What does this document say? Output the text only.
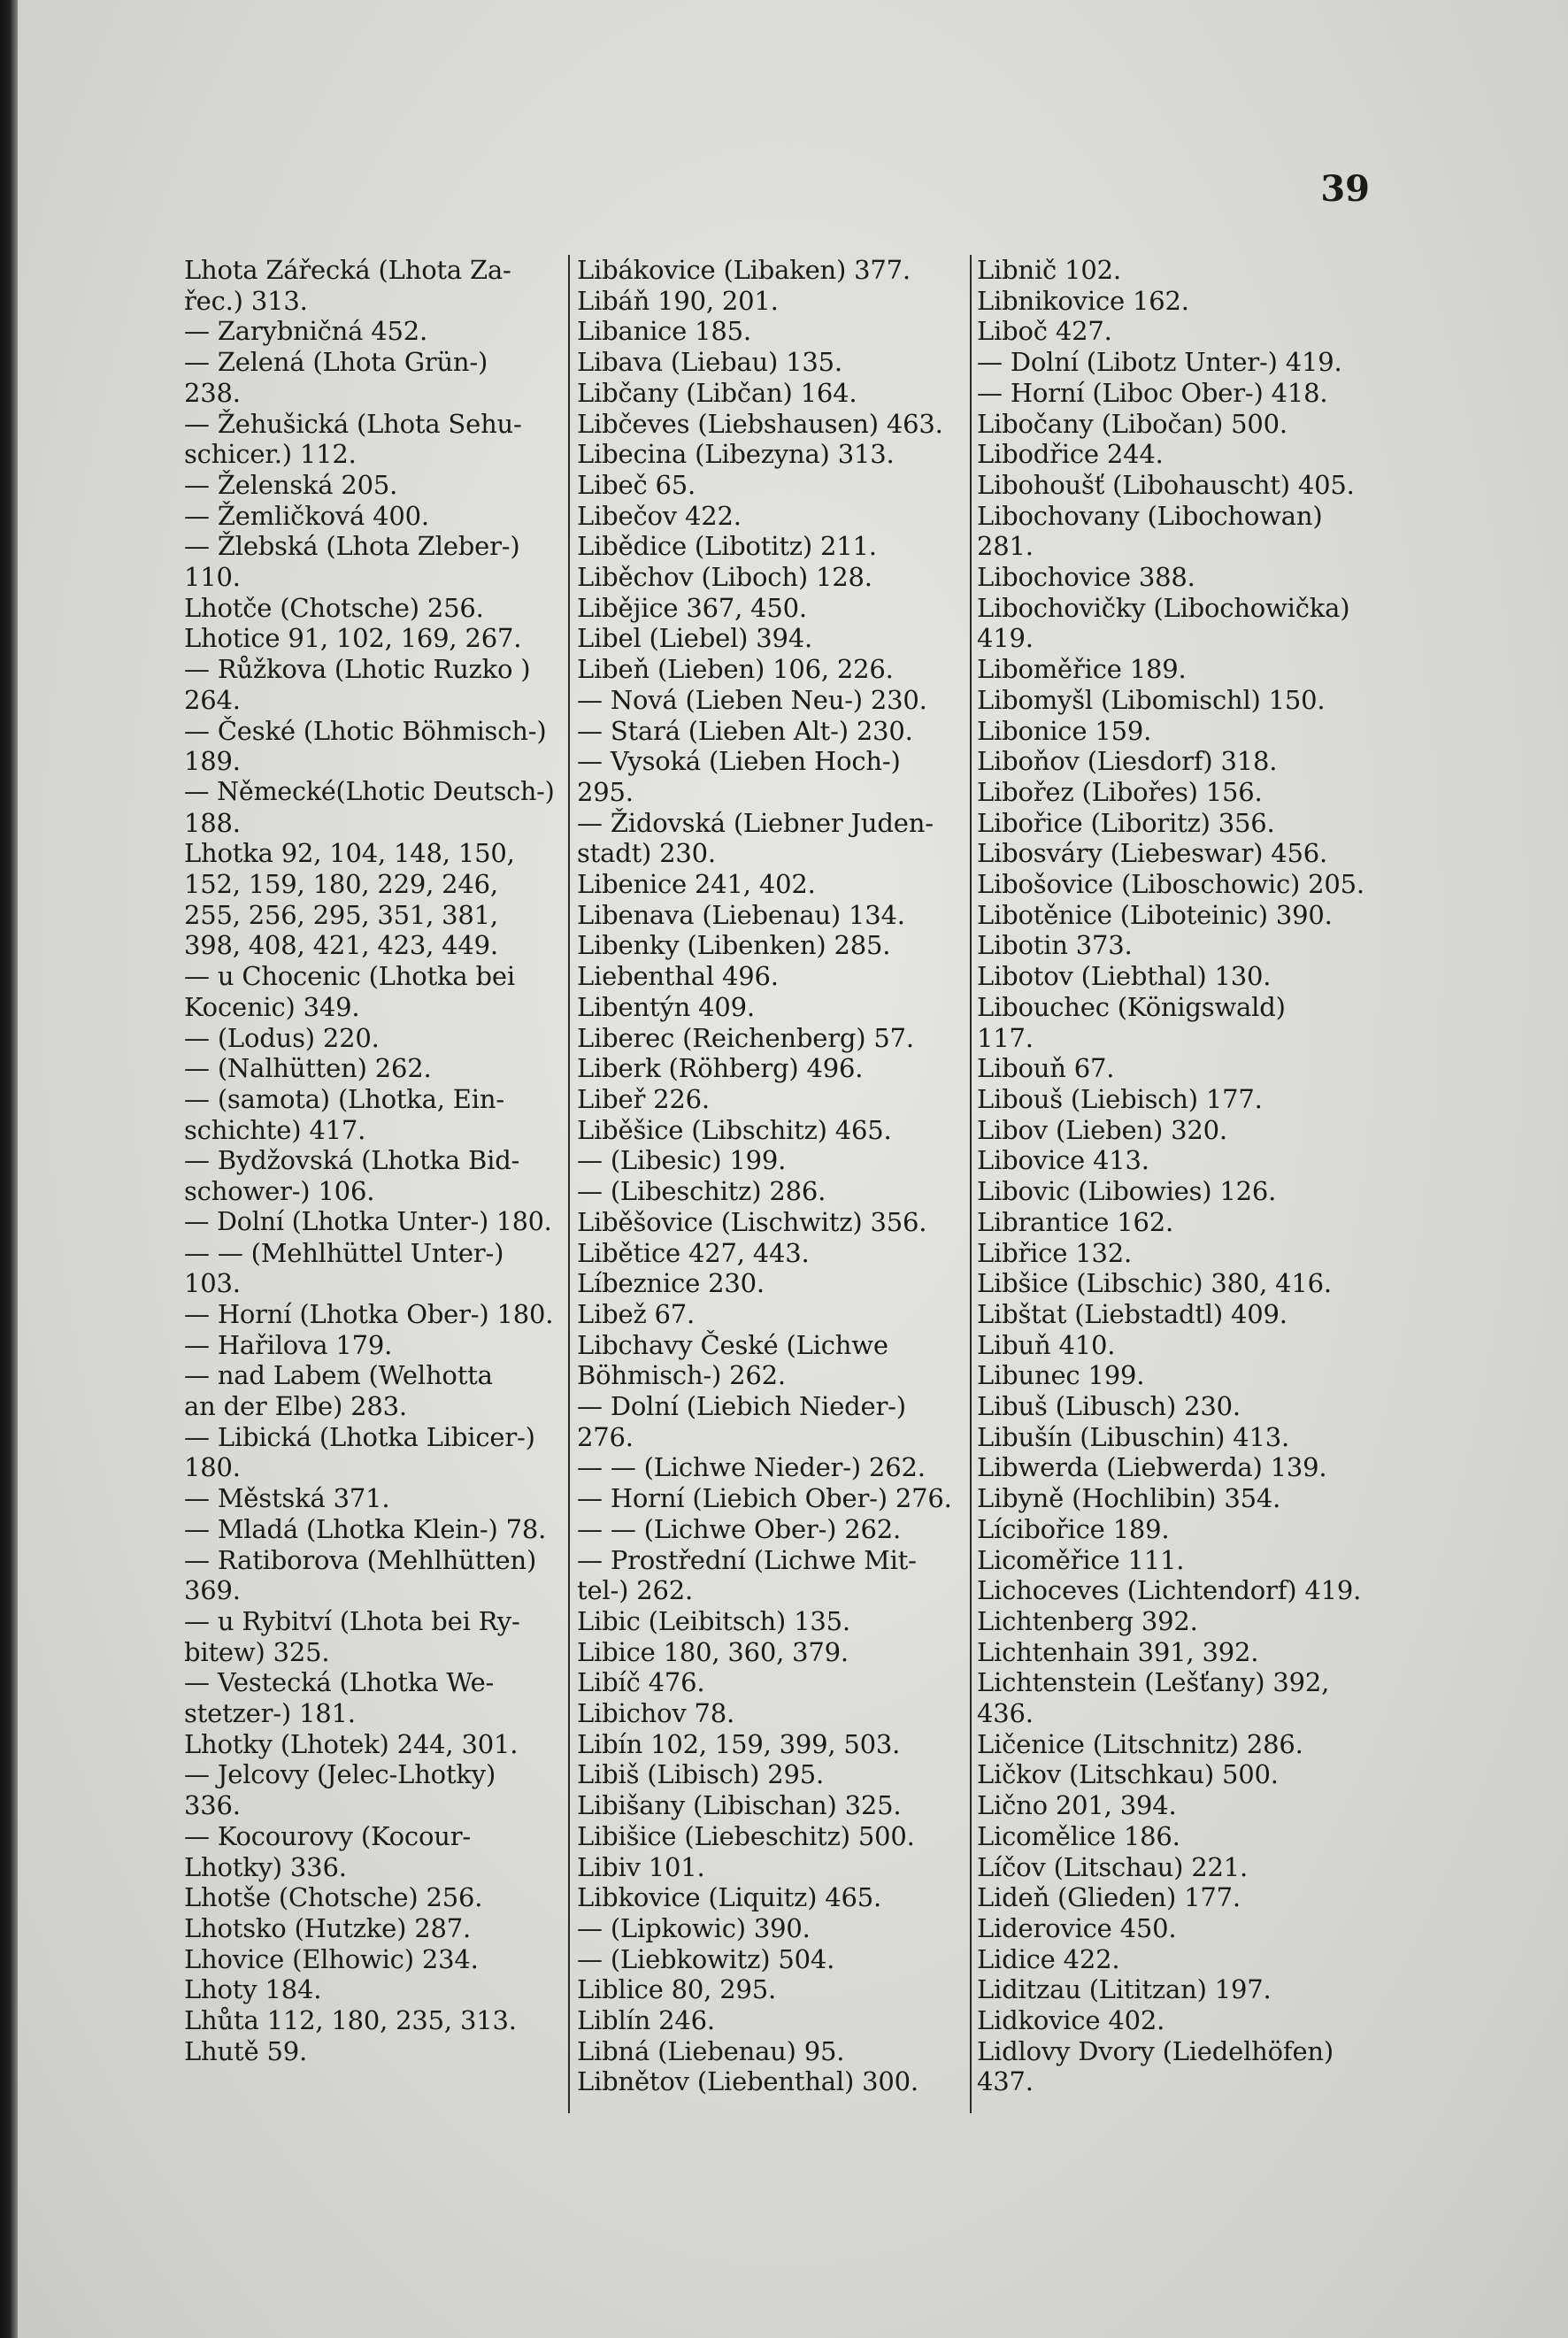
39
Lhota Zářecká (Lhota Za-
řec.) 313.
— Zarybničná 452.
— Zelená (Lhota Grün-)
238.
— Žehušická (Lhota Sehu-
schicer.) 112.
— Želenská 205.
— Žemličková 400.
— Žlebská (Lhota Zleber-)
110.
Lhotče (Chotsche) 256.
Lhotice 91, 102, 169, 267.
— Růžkova (Lhotic Ruzko )
264.
— České (Lhotic Böhmisch-)
189.
— Německé(Lhotic Deutsch-)
188.
Lhotka 92, 104, 148, 150,
152, 159, 180, 229, 246,
255, 256, 295, 351, 381,
398, 408, 421, 423, 449.
— u Chocenic (Lhotka bei
Kocenic) 349.
— (Lodus) 220.
— (Nalhütten) 262.
— (samota) (Lhotka, Ein-
schichte) 417.
— Bydžovská (Lhotka Bid-
schower-) 106.
— Dolní (Lhotka Unter-) 180.
— — (Mehlhüttel Unter-)
103.
— Horní (Lhotka Ober-) 180.
— Hařilova 179.
— nad Labem (Welhotta
an der Elbe) 283.
— Libická (Lhotka Libicer-)
180.
— Městská 371.
— Mladá (Lhotka Klein-) 78.
— Ratiborova (Mehlhütten)
369.
— u Rybitví (Lhota bei Ry-
bitew) 325.
— Vestecká (Lhotka We-
stetzer-) 181.
Lhotky (Lhotek) 244, 301.
— Jelcovy (Jelec-Lhotky)
336.
— Kocourovy (Kocour-
Lhotky) 336.
Lhotše (Chotsche) 256.
Lhotsko (Hutzke) 287.
Lhovice (Elhowic) 234.
Lhoty 184.
Lhůta 112, 180, 235, 313.
Lhutě 59.
Libákovice (Libaken) 377.
Libáň 190, 201.
Libanice 185.
Libava (Liebau) 135.
Libčany (Libčan) 164.
Libčeves (Liebshausen) 463.
Libecina (Libezyna) 313.
Libeč 65.
Libečov 422.
Libědice (Libotitz) 211.
Liběchov (Liboch) 128.
Libějice 367, 450.
Libel (Liebel) 394.
Libeň (Lieben) 106, 226.
— Nová (Lieben Neu-) 230.
— Stará (Lieben Alt-) 230.
— Vysoká (Lieben Hoch-)
295.
— Židovská (Liebner Juden-
stadt) 230.
Libenice 241, 402.
Libenava (Liebenau) 134.
Libenky (Libenken) 285.
Liebenthal 496.
Libentýn 409.
Liberec (Reichenberg) 57.
Liberk (Röhberg) 496.
Libeř 226.
Liběšice (Libschitz) 465.
— (Libesic) 199.
— (Libeschitz) 286.
Liběšovice (Lischwitz) 356.
Libětice 427, 443.
Líbeznice 230.
Libež 67.
Libchavy České (Lichwe
Böhmisch-) 262.
— Dolní (Liebich Nieder-)
276.
— — (Lichwe Nieder-) 262.
— Horní (Liebich Ober-) 276.
— — (Lichwe Ober-) 262.
— Prostřední (Lichwe Mit-
tel-) 262.
Libic (Leibitsch) 135.
Libice 180, 360, 379.
Libíč 476.
Libichov 78.
Libín 102, 159, 399, 503.
Libiš (Libisch) 295.
Libišany (Libischan) 325.
Libišice (Liebeschitz) 500.
Libiv 101.
Libkovice (Liquitz) 465.
— (Lipkowic) 390.
— (Liebkowitz) 504.
Liblice 80, 295.
Liblín 246.
Libná (Liebenau) 95.
Libnětov (Liebenthal) 300.
Libnič 102.
Libnikovice 162.
Liboč 427.
— Dolní (Libotz Unter-) 419.
— Horní (Liboc Ober-) 418.
Libočany (Libočan) 500.
Libodřice 244.
Libohoušť (Libohauscht) 405.
Libochovany (Libochowan)
281.
Libochovice 388.
Libochovičky (Libochowička)
419.
Liboměřice 189.
Libomyšl (Libomischl) 150.
Libonice 159.
Liboňov (Liesdorf) 318.
Libořez (Libořes) 156.
Libořice (Liboritz) 356.
Libosváry (Liebeswar) 456.
Libošovice (Liboschowic) 205.
Libotěnice (Liboteinic) 390.
Libotin 373.
Libotov (Liebthal) 130.
Libouchec (Königswald)
117.
Libouň 67.
Libouš (Liebisch) 177.
Libov (Lieben) 320.
Libovice 413.
Libovic (Libowies) 126.
Librantice 162.
Libřice 132.
Libšice (Libschic) 380, 416.
Libštat (Liebstadtl) 409.
Libuň 410.
Libunec 199.
Libuš (Libusch) 230.
Libušín (Libuschin) 413.
Libwerda (Liebwerda) 139.
Libyně (Hochlibin) 354.
Lícibořice 189.
Licoměřice 111.
Lichoceves (Lichtendorf) 419.
Lichtenberg 392.
Lichtenhain 391, 392.
Lichtenstein (Lešťany) 392,
436.
Ličenice (Litschnitz) 286.
Ličkov (Litschkau) 500.
Lično 201, 394.
Licomělice 186.
Líčov (Litschau) 221.
Lideň (Glieden) 177.
Liderovice 450.
Lidice 422.
Liditzau (Lititzan) 197.
Lidkovice 402.
Lidlovy Dvory (Liedelhöfen)
437.
